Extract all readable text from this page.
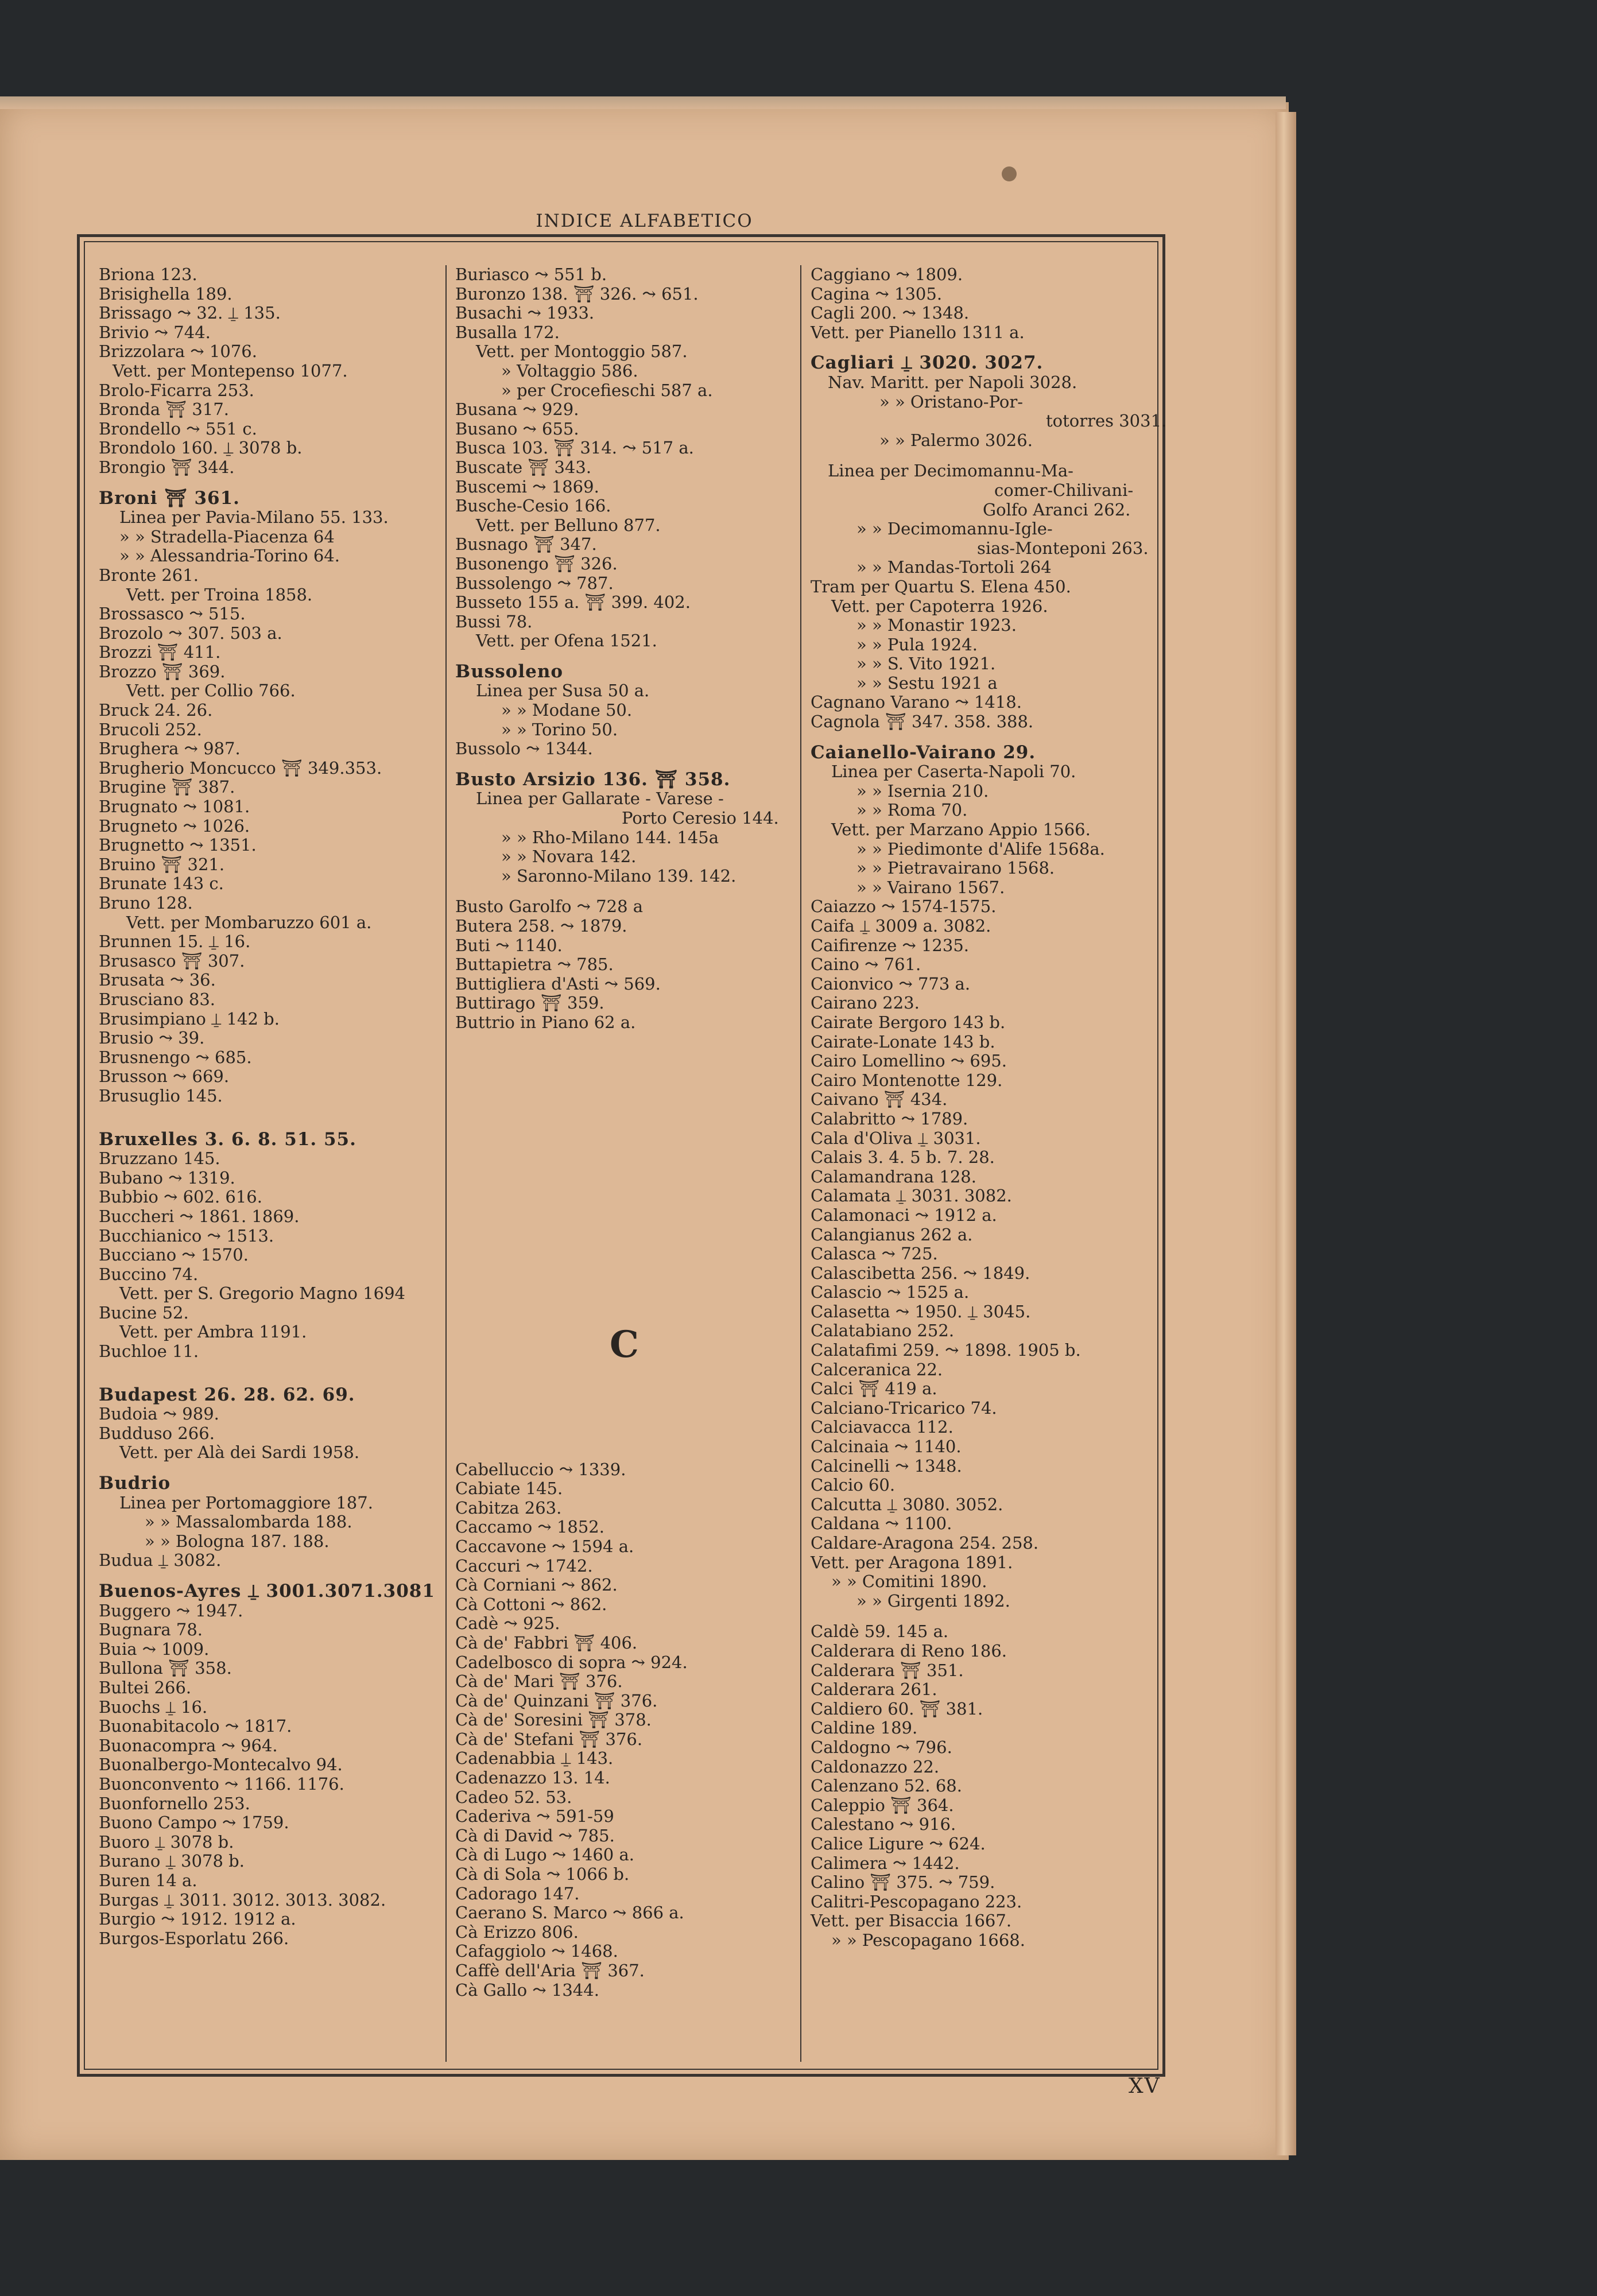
INDICE ALFABETICO
Briona 123.
Brisighella 189.
Brissago ⤳ 32. ⍊ 135.
Brivio ⤳ 744.
Brizzolara ⤳ 1076.
Vett. per Montepenso 1077.
Brolo-Ficarra 253.
Bronda ⛩ 317.
Brondello ⤳ 551 c.
Brondolo 160. ⍊ 3078 b.
Brongio ⛩ 344.
Broni ⛩ 361.
Linea per Pavia-Milano 55. 133.
» » Stradella-Piacenza 64
» » Alessandria-Torino 64.
Bronte 261.
Vett. per Troina 1858.
Brossasco ⤳ 515.
Brozolo ⤳ 307. 503 a.
Brozzi ⛩ 411.
Brozzo ⛩ 369.
Vett. per Collio 766.
Bruck 24. 26.
Brucoli 252.
Brughera ⤳ 987.
Brugherio Moncucco ⛩ 349.353.
Brugine ⛩ 387.
Brugnato ⤳ 1081.
Brugneto ⤳ 1026.
Brugnetto ⤳ 1351.
Bruino ⛩ 321.
Brunate 143 c.
Bruno 128.
Vett. per Mombaruzzo 601 a.
Brunnen 15. ⍊ 16.
Brusasco ⛩ 307.
Brusata ⤳ 36.
Brusciano 83.
Brusimpiano ⍊ 142 b.
Brusio ⤳ 39.
Brusnengo ⤳ 685.
Brusson ⤳ 669.
Brusuglio 145.
Bruxelles 3. 6. 8. 51. 55.
Bruzzano 145.
Bubano ⤳ 1319.
Bubbio ⤳ 602. 616.
Buccheri ⤳ 1861. 1869.
Bucchianico ⤳ 1513.
Bucciano ⤳ 1570.
Buccino 74.
Vett. per S. Gregorio Magno 1694
Bucine 52.
Vett. per Ambra 1191.
Buchloe 11.
Budapest 26. 28. 62. 69.
Budoia ⤳ 989.
Budduso 266.
Vett. per Alà dei Sardi 1958.
Budrio
Linea per Portomaggiore 187.
» » Massalombarda 188.
» » Bologna 187. 188.
Budua ⍊ 3082.
Buenos-Ayres ⍊ 3001.3071.3081
Buggero ⤳ 1947.
Bugnara 78.
Buia ⤳ 1009.
Bullona ⛩ 358.
Bultei 266.
Buochs ⍊ 16.
Buonabitacolo ⤳ 1817.
Buonacompra ⤳ 964.
Buonalbergo-Montecalvo 94.
Buonconvento ⤳ 1166. 1176.
Buonfornello 253.
Buono Campo ⤳ 1759.
Buoro ⍊ 3078 b.
Burano ⍊ 3078 b.
Buren 14 a.
Burgas ⍊ 3011. 3012. 3013. 3082.
Burgio ⤳ 1912. 1912 a.
Burgos-Esporlatu 266.
Buriasco ⤳ 551 b.
Buronzo 138. ⛩ 326. ⤳ 651.
Busachi ⤳ 1933.
Busalla 172.
Vett. per Montoggio 587.
» Voltaggio 586.
» per Crocefieschi 587 a.
Busana ⤳ 929.
Busano ⤳ 655.
Busca 103. ⛩ 314. ⤳ 517 a.
Buscate ⛩ 343.
Buscemi ⤳ 1869.
Busche-Cesio 166.
Vett. per Belluno 877.
Busnago ⛩ 347.
Busonengo ⛩ 326.
Bussolengo ⤳ 787.
Busseto 155 a. ⛩ 399. 402.
Bussi 78.
Vett. per Ofena 1521.
Bussoleno
Linea per Susa 50 a.
» » Modane 50.
» » Torino 50.
Bussolo ⤳ 1344.
Busto Arsizio 136. ⛩ 358.
Linea per Gallarate - Varese -
Porto Ceresio 144.
» » Rho-Milano 144. 145a
» » Novara 142.
» Saronno-Milano 139. 142.
Busto Garolfo ⤳ 728 a
Butera 258. ⤳ 1879.
Buti ⤳ 1140.
Buttapietra ⤳ 785.
Buttigliera d'Asti ⤳ 569.
Buttirago ⛩ 359.
Buttrio in Piano 62 a.
Cabelluccio ⤳ 1339.
Cabiate 145.
Cabitza 263.
Caccamo ⤳ 1852.
Caccavone ⤳ 1594 a.
Caccuri ⤳ 1742.
Cà Corniani ⤳ 862.
Cà Cottoni ⤳ 862.
Cadè ⤳ 925.
Cà de' Fabbri ⛩ 406.
Cadelbosco di sopra ⤳ 924.
Cà de' Mari ⛩ 376.
Cà de' Quinzani ⛩ 376.
Cà de' Soresini ⛩ 378.
Cà de' Stefani ⛩ 376.
Cadenabbia ⍊ 143.
Cadenazzo 13. 14.
Cadeo 52. 53.
Caderiva ⤳ 591-59
Cà di David ⤳ 785.
Cà di Lugo ⤳ 1460 a.
Cà di Sola ⤳ 1066 b.
Cadorago 147.
Caerano S. Marco ⤳ 866 a.
Cà Erizzo 806.
Cafaggiolo ⤳ 1468.
Caffè dell'Aria ⛩ 367.
Cà Gallo ⤳ 1344.
C
Caggiano ⤳ 1809.
Cagina ⤳ 1305.
Cagli 200. ⤳ 1348.
Vett. per Pianello 1311 a.
Cagliari ⍊ 3020. 3027.
Nav. Maritt. per Napoli 3028.
» » Oristano-Por-
totorres 3031.
» » Palermo 3026.
Linea per Decimomannu-Ma-
comer-Chilivani-
Golfo Aranci 262.
» » Decimomannu-Igle-
sias-Monteponi 263.
» » Mandas-Tortoli 264
Tram per Quartu S. Elena 450.
Vett. per Capoterra 1926.
» » Monastir 1923.
» » Pula 1924.
» » S. Vito 1921.
» » Sestu 1921 a
Cagnano Varano ⤳ 1418.
Cagnola ⛩ 347. 358. 388.
Caianello-Vairano 29.
Linea per Caserta-Napoli 70.
» » Isernia 210.
» » Roma 70.
Vett. per Marzano Appio 1566.
» » Piedimonte d'Alife 1568a.
» » Pietravairano 1568.
» » Vairano 1567.
Caiazzo ⤳ 1574-1575.
Caifa ⍊ 3009 a. 3082.
Caifirenze ⤳ 1235.
Caino ⤳ 761.
Caionvico ⤳ 773 a.
Cairano 223.
Cairate Bergoro 143 b.
Cairate-Lonate 143 b.
Cairo Lomellino ⤳ 695.
Cairo Montenotte 129.
Caivano ⛩ 434.
Calabritto ⤳ 1789.
Cala d'Oliva ⍊ 3031.
Calais 3. 4. 5 b. 7. 28.
Calamandrana 128.
Calamata ⍊ 3031. 3082.
Calamonaci ⤳ 1912 a.
Calangianus 262 a.
Calasca ⤳ 725.
Calascibetta 256. ⤳ 1849.
Calascio ⤳ 1525 a.
Calasetta ⤳ 1950. ⍊ 3045.
Calatabiano 252.
Calatafimi 259. ⤳ 1898. 1905 b.
Calceranica 22.
Calci ⛩ 419 a.
Calciano-Tricarico 74.
Calciavacca 112.
Calcinaia ⤳ 1140.
Calcinelli ⤳ 1348.
Calcio 60.
Calcutta ⍊ 3080. 3052.
Caldana ⤳ 1100.
Caldare-Aragona 254. 258.
Vett. per Aragona 1891.
» » Comitini 1890.
» » Girgenti 1892.
Caldè 59. 145 a.
Calderara di Reno 186.
Calderara ⛩ 351.
Calderara 261.
Caldiero 60. ⛩ 381.
Caldine 189.
Caldogno ⤳ 796.
Caldonazzo 22.
Calenzano 52. 68.
Caleppio ⛩ 364.
Calestano ⤳ 916.
Calice Ligure ⤳ 624.
Calimera ⤳ 1442.
Calino ⛩ 375. ⤳ 759.
Calitri-Pescopagano 223.
Vett. per Bisaccia 1667.
» » Pescopagano 1668.
XV
